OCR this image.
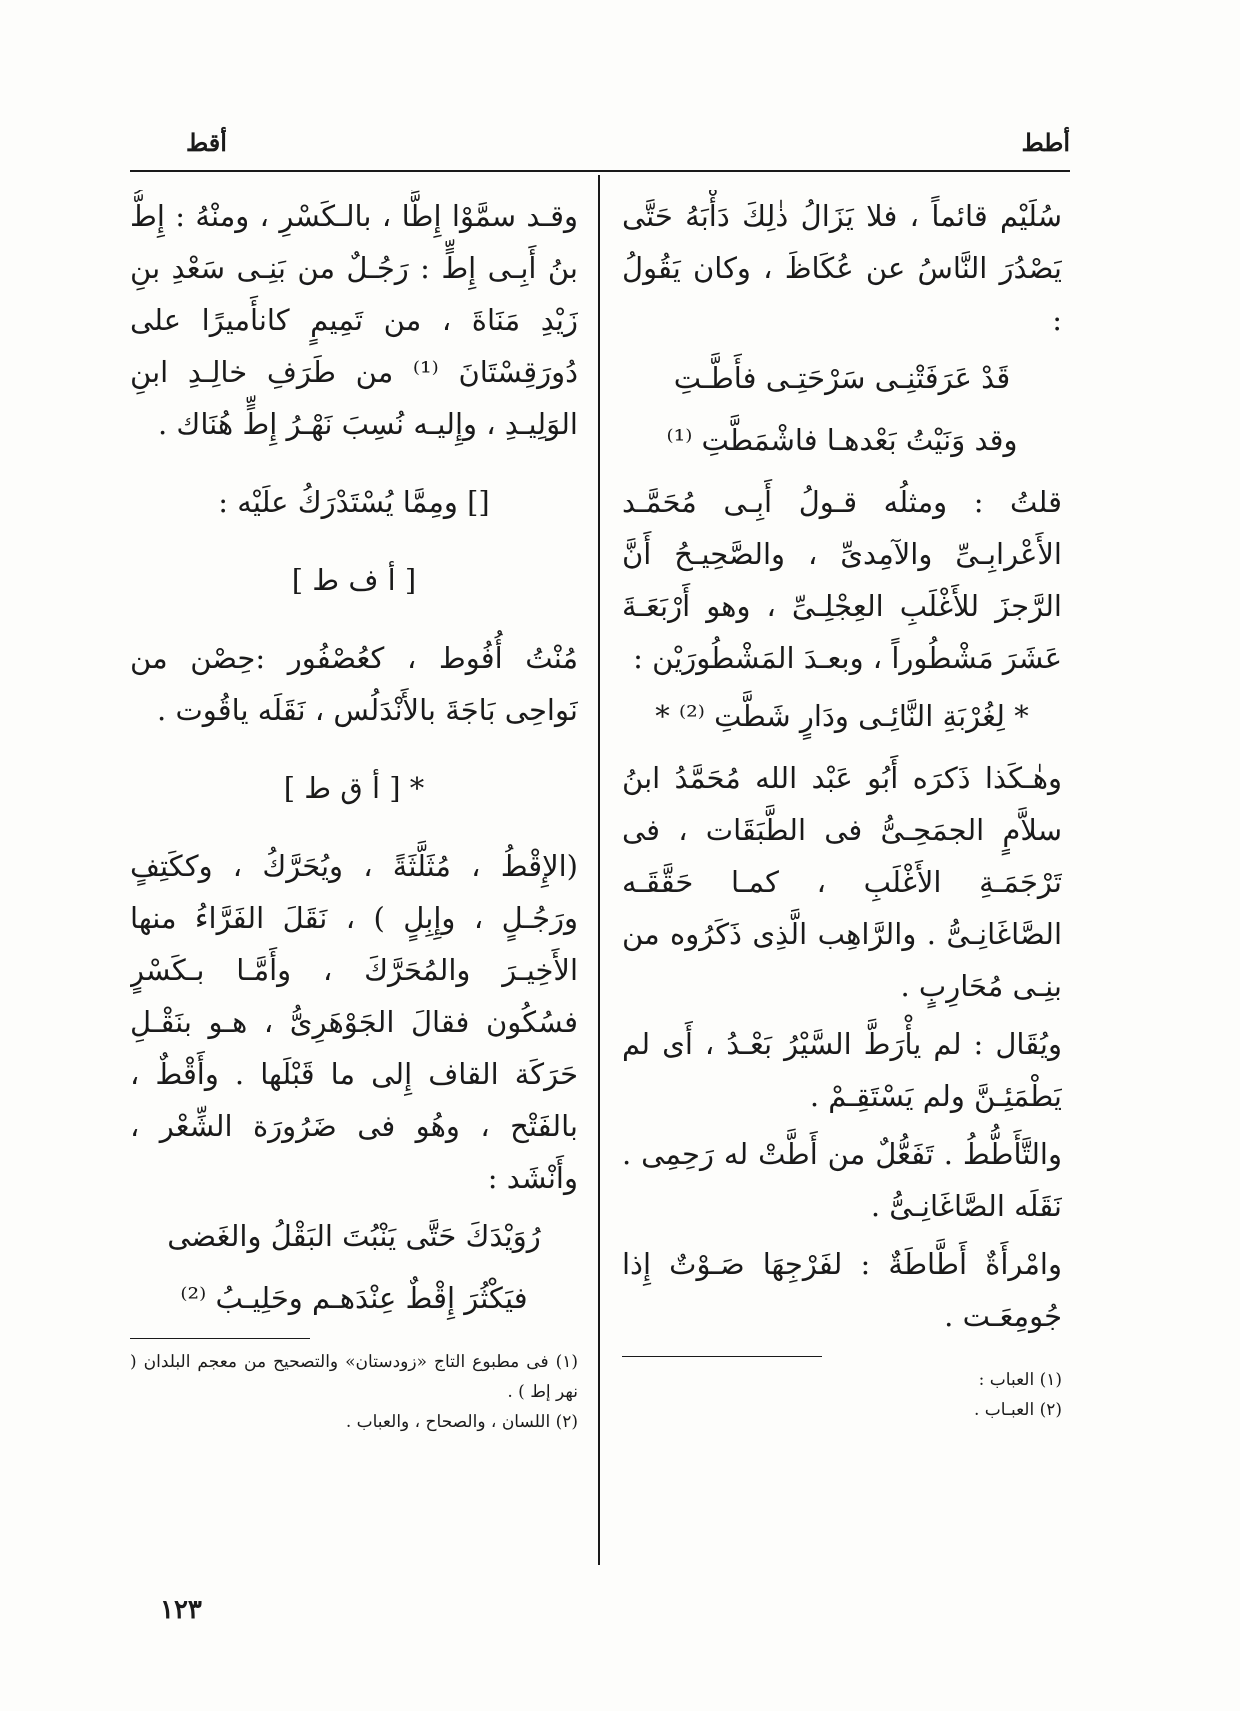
أطط
أقط

سُلَيْم قائماً ، فلا يَزَالُ ذٰلِكَ دَأْبَهُ حَتَّى يَصْدُرَ النَّاسُ عن عُكَاظَ ، وكان يَقُولُ :

قَدْ عَرَفَتْنِـى سَرْحَتِـى فأَطَّـتِ

وقد وَنَيْتُ بَعْدهـا فاشْمَطَّتِ ⁽¹⁾

قلتُ : ومثلُه قـولُ أَبِـى مُحَمَّـد الأَعْرابِـىِّ والآمِدىِّ ، والصَّحِيـحُ أَنَّ الرَّجزَ للأَغْلَبِ العِجْلِـىِّ ، وهو أَرْبَعَـةَ عَشَرَ مَشْطُوراً ، وبعـدَ المَشْطُورَيْن :

* لِغُرْبَةِ النَّائِـى ودَارٍ شَطَّتِ ⁽²⁾ *

وهٰـكَذا ذَكرَه أَبُو عَبْد الله مُحَمَّدُ ابنُ سلاَّمٍ الجمَحِـىُّ فى الطَّبَقَات ، فى تَرْجَمَـةِ الأَغْلَبِ ، كمـا حَقَّقَـه الصَّاغَانِـىُّ . والرَّاهِب الَّذِى ذَكَرُوه من بنِـى مُحَارِبٍ .

ويُقَال : لم يأْرَطَّ السَّيْرُ بَعْـدُ ، أَى لم يَطْمَئِـنَّ ولم يَسْتَقِـمْ .

والتَّأَطُّطُ . تَفَعُّلٌ من أَطَّتْ له رَحِمِى . نَقَلَه الصَّاغَانِـىُّ .

وامْرأَةٌ أَطَّاطَةٌ : لفَرْجِهَا صَـوْتٌ إِذا جُومِعَـت .

(١) العباب :
(٢) العبـاب .

وقـد سمَّوْا إِطًّا ، بالـكَسْرِ ، ومنْهُ : إِطُّ بنُ أَبِـى إِطٍّ : رَجُـلٌ من بَنِـى سَعْدِ بنِ زَيْدِ مَنَاةَ ، من تَمِيمٍ كانأَميرًا على دُورَقِسْتَانَ ⁽¹⁾ من طَرَفِ خالِـدِ ابنِ الوَلِيـدِ ، وإِليـه نُسِبَ نَهْـرُ إِطٍّ هُنَاك .

[] ومِمَّا يُسْتَدْرَكُ علَيْه :

[ أ ف ط ]

مُنْتُ أُفُوط ، كعُصْفُور :حِصْن من نَواحِى بَاجَةَ بالأَنْدَلُس ، نَقَلَه ياقُوت .

* [ أ ق ط ]

(الإِقْطُ ، مُثَلَّثَةً ، ويُحَرَّكُ ، وككَتِفٍ ورَجُـلٍ ، وإِبِلٍ ) ، نَقَلَ الفَرَّاءُ منها الأَخِيـرَ والمُحَرَّكَ ، وأَمَّـا بـكَسْرٍ فسُكُون فقالَ الجَوْهَرِىُّ ، هـو بنَقْـلِ حَرَكَة القاف إِلى ما قَبْلَها . وأَقْطٌ ، بالفَتْح ، وهُو فى ضَرُورَة الشِّعْر ، وأَنْشَد :

رُوَيْدَكَ حَتَّى يَنْبُتَ البَقْلُ والغَضى

فيَكْثُرَ إِقْطٌ عِنْدَهـم وحَلِيـبُ ⁽²⁾

(١) فى مطبوع التاج «زودستان» والتصحيح من معجم البلدان ( نهر إط ) .
(٢) اللسان ، والصحاح ، والعباب .
١٢٣
